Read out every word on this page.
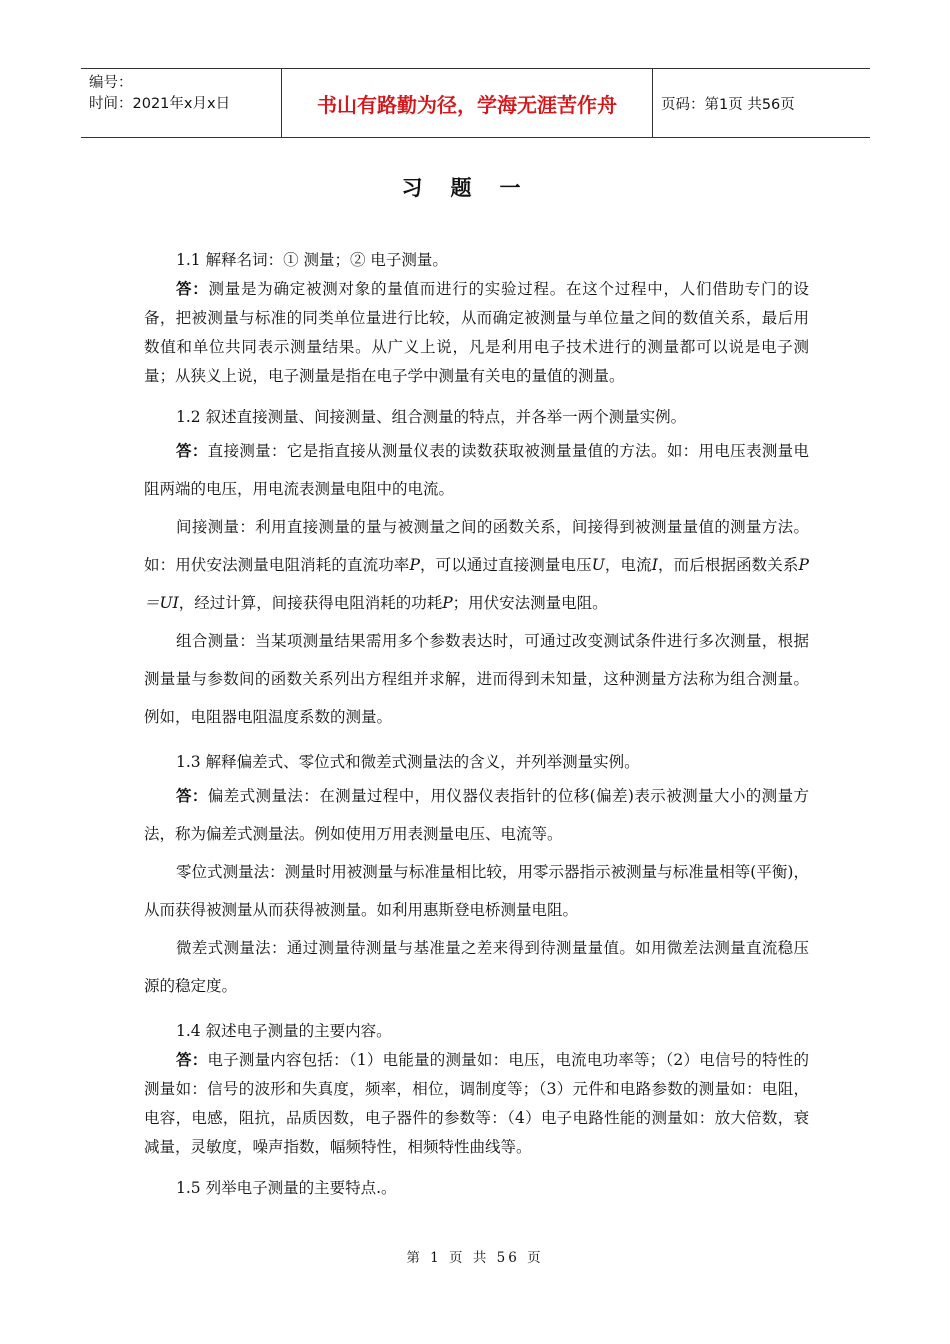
编号：
时间：2021年x月x日	书山有路勤为径，学海无涯苦作舟	页码：第1页 共56页
习题一

1.1 解释名词：① 测量；② 电子测量。

答：测量是为确定被测对象的量值而进行的实验过程。在这个过程中，人们借助专门的设备，把被测量与标准的同类单位量进行比较，从而确定被测量与单位量之间的数值关系，最后用数值和单位共同表示测量结果。从广义上说，凡是利用电子技术进行的测量都可以说是电子测量；从狭义上说，电子测量是指在电子学中测量有关电的量值的测量。

1.2 叙述直接测量、间接测量、组合测量的特点，并各举一两个测量实例。

答：直接测量：它是指直接从测量仪表的读数获取被测量量值的方法。如：用电压表测量电阻两端的电压，用电流表测量电阻中的电流。

间接测量：利用直接测量的量与被测量之间的函数关系，间接得到被测量量值的测量方法。如：用伏安法测量电阻消耗的直流功率P，可以通过直接测量电压U，电流I，而后根据函数关系P＝UI，经过计算，间接获得电阻消耗的功耗P；用伏安法测量电阻。

组合测量：当某项测量结果需用多个参数表达时，可通过改变测试条件进行多次测量，根据测量量与参数间的函数关系列出方程组并求解，进而得到未知量，这种测量方法称为组合测量。例如，电阻器电阻温度系数的测量。

1.3 解释偏差式、零位式和微差式测量法的含义，并列举测量实例。

答：偏差式测量法：在测量过程中，用仪器仪表指针的位移(偏差)表示被测量大小的测量方法，称为偏差式测量法。例如使用万用表测量电压、电流等。

零位式测量法：测量时用被测量与标准量相比较，用零示器指示被测量与标准量相等(平衡)， 从而获得被测量从而获得被测量。如利用惠斯登电桥测量电阻。

微差式测量法：通过测量待测量与基准量之差来得到待测量量值。如用微差法测量直流稳压源的稳定度。

1.4 叙述电子测量的主要内容。

答：电子测量内容包括：（1）电能量的测量如：电压，电流电功率等；（2）电信号的特性的测量如：信号的波形和失真度，频率，相位，调制度等；（3）元件和电路参数的测量如：电阻，电容，电感，阻抗，品质因数，电子器件的参数等：（4）电子电路性能的测量如：放大倍数，衰减量，灵敏度，噪声指数，幅频特性，相频特性曲线等。

1.5 列举电子测量的主要特点.。

第 1 页 共 56 页
